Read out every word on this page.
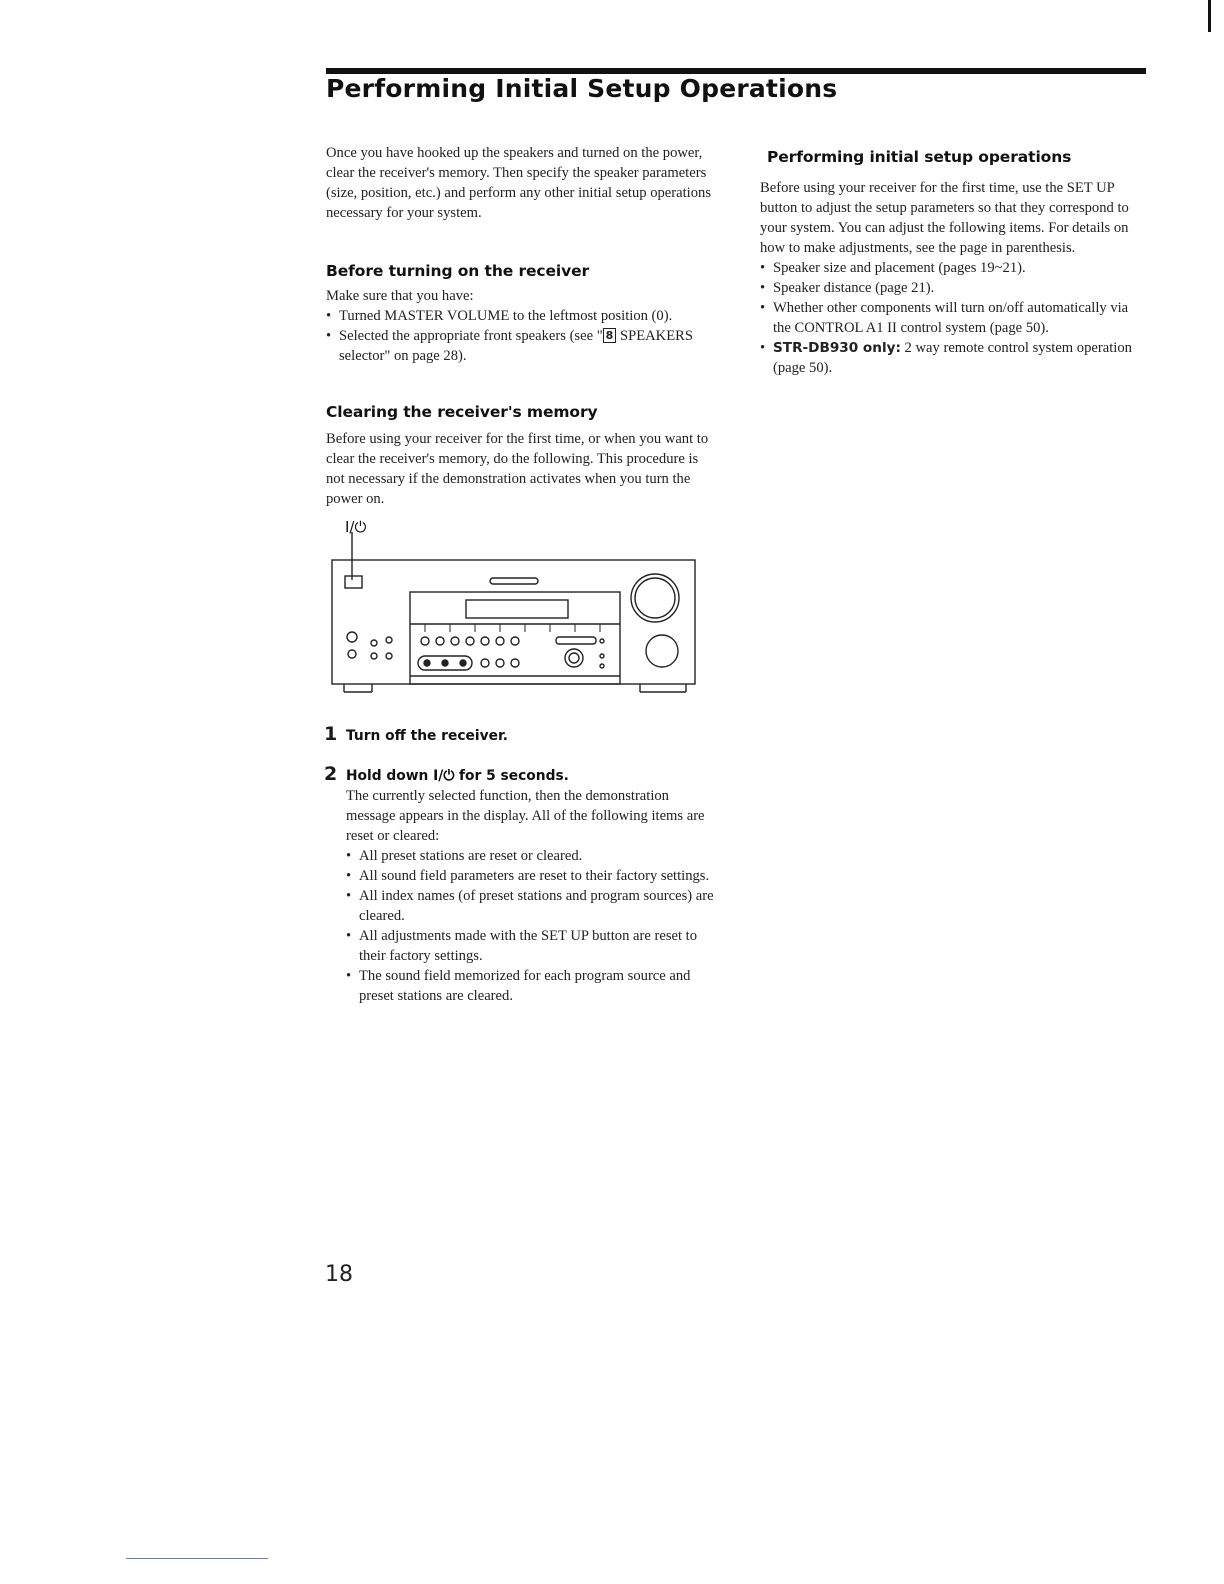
Performing Initial Setup Operations

Once you have hooked up the speakers and turned on the power, clear the receiver's memory. Then specify the speaker parameters (size, position, etc.) and perform any other initial setup operations necessary for your system.

Before turning on the receiver

Make sure that you have:

• Turned MASTER VOLUME to the leftmost position (0).
• Selected the appropriate front speakers (see " 8 SPEAKERS selector" on page 28).
Clearing the receiver's memory

Before using your receiver for the first time, or when you want to clear the receiver's memory, do the following. This procedure is not necessary if the demonstration activates when you turn the power on.

I/⏻
1 Turn off the receiver.

2 Hold down I/⏻ for 5 seconds.

The currently selected function, then the demonstration message appears in the display. All of the following items are reset or cleared:

• All preset stations are reset or cleared.
• All sound field parameters are reset to their factory settings.
• All index names (of preset stations and program sources) are cleared.
• All adjustments made with the SET UP button are reset to their factory settings.
• The sound field memorized for each program source and preset stations are cleared.
Performing initial setup operations

Before using your receiver for the first time, use the SET UP button to adjust the setup parameters so that they correspond to your system. You can adjust the following items. For details on how to make adjustments, see the page in parenthesis.

• Speaker size and placement (pages 19~21).
• Speaker distance (page 21).
• Whether other components will turn on/off automatically via the CONTROL A1 II control system (page 50).
• STR-DB930 only: 2 way remote control system operation (page 50).
18
